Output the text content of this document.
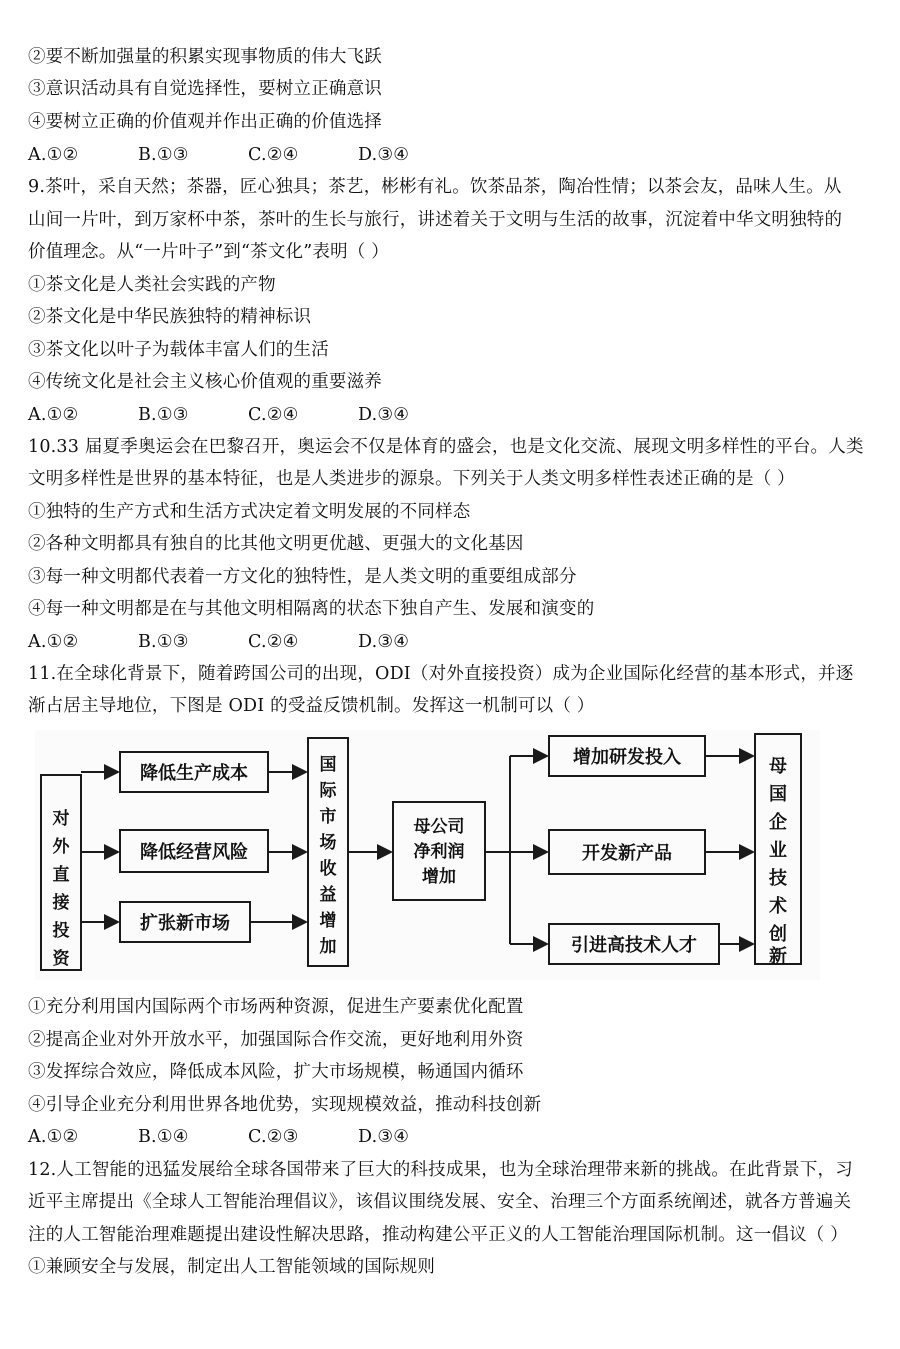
②要不断加强量的积累实现事物质的伟大飞跃
③意识活动具有自觉选择性，要树立正确意识
④要树立正确的价值观并作出正确的价值选择
A.①②	B.①③	C.②④	D.③④
9.茶叶，采自天然；茶器，匠心独具；茶艺，彬彬有礼。饮茶品茶，陶冶性情；以茶会友，品味人生。从
山间一片叶，到万家杯中茶，茶叶的生长与旅行，讲述着关于文明与生活的故事，沉淀着中华文明独特的
价值理念。从“一片叶子”到“茶文化”表明（ ）
①茶文化是人类社会实践的产物
②茶文化是中华民族独特的精神标识
③茶文化以叶子为载体丰富人们的生活
④传统文化是社会主义核心价值观的重要滋养
A.①②	B.①③	C.②④	D.③④
10.33 届夏季奥运会在巴黎召开，奥运会不仅是体育的盛会，也是文化交流、展现文明多样性的平台。人类
文明多样性是世界的基本特征，也是人类进步的源泉。下列关于人类文明多样性表述正确的是（ ）
①独特的生产方式和生活方式决定着文明发展的不同样态
②各种文明都具有独自的比其他文明更优越、更强大的文化基因
③每一种文明都代表着一方文化的独特性，是人类文明的重要组成部分
④每一种文明都是在与其他文明相隔离的状态下独自产生、发展和演变的
A.①②	B.①③	C.②④	D.③④
11.在全球化背景下，随着跨国公司的出现，ODI（对外直接投资）成为企业国际化经营的基本形式，并逐
渐占居主导地位，下图是 ODI 的受益反馈机制。发挥这一机制可以（ ）
对
外
直
接
投
资
降低生产成本
降低经营风险
扩张新市场
国
际
市
场
收
益
增
加
母公司
净利润
增加
增加研发投入
开发新产品
引进高技术人才
母
国
企
业
技
术
创
新
①充分利用国内国际两个市场两种资源，促进生产要素优化配置
②提高企业对外开放水平，加强国际合作交流，更好地利用外资
③发挥综合效应，降低成本风险，扩大市场规模，畅通国内循环
④引导企业充分利用世界各地优势，实现规模效益，推动科技创新
A.①②	B.①④	C.②③	D.③④
12.人工智能的迅猛发展给全球各国带来了巨大的科技成果，也为全球治理带来新的挑战。在此背景下，习
近平主席提出《全球人工智能治理倡议》，该倡议围绕发展、安全、治理三个方面系统阐述，就各方普遍关
注的人工智能治理难题提出建设性解决思路，推动构建公平正义的人工智能治理国际机制。这一倡议（ ）
①兼顾安全与发展，制定出人工智能领域的国际规则
